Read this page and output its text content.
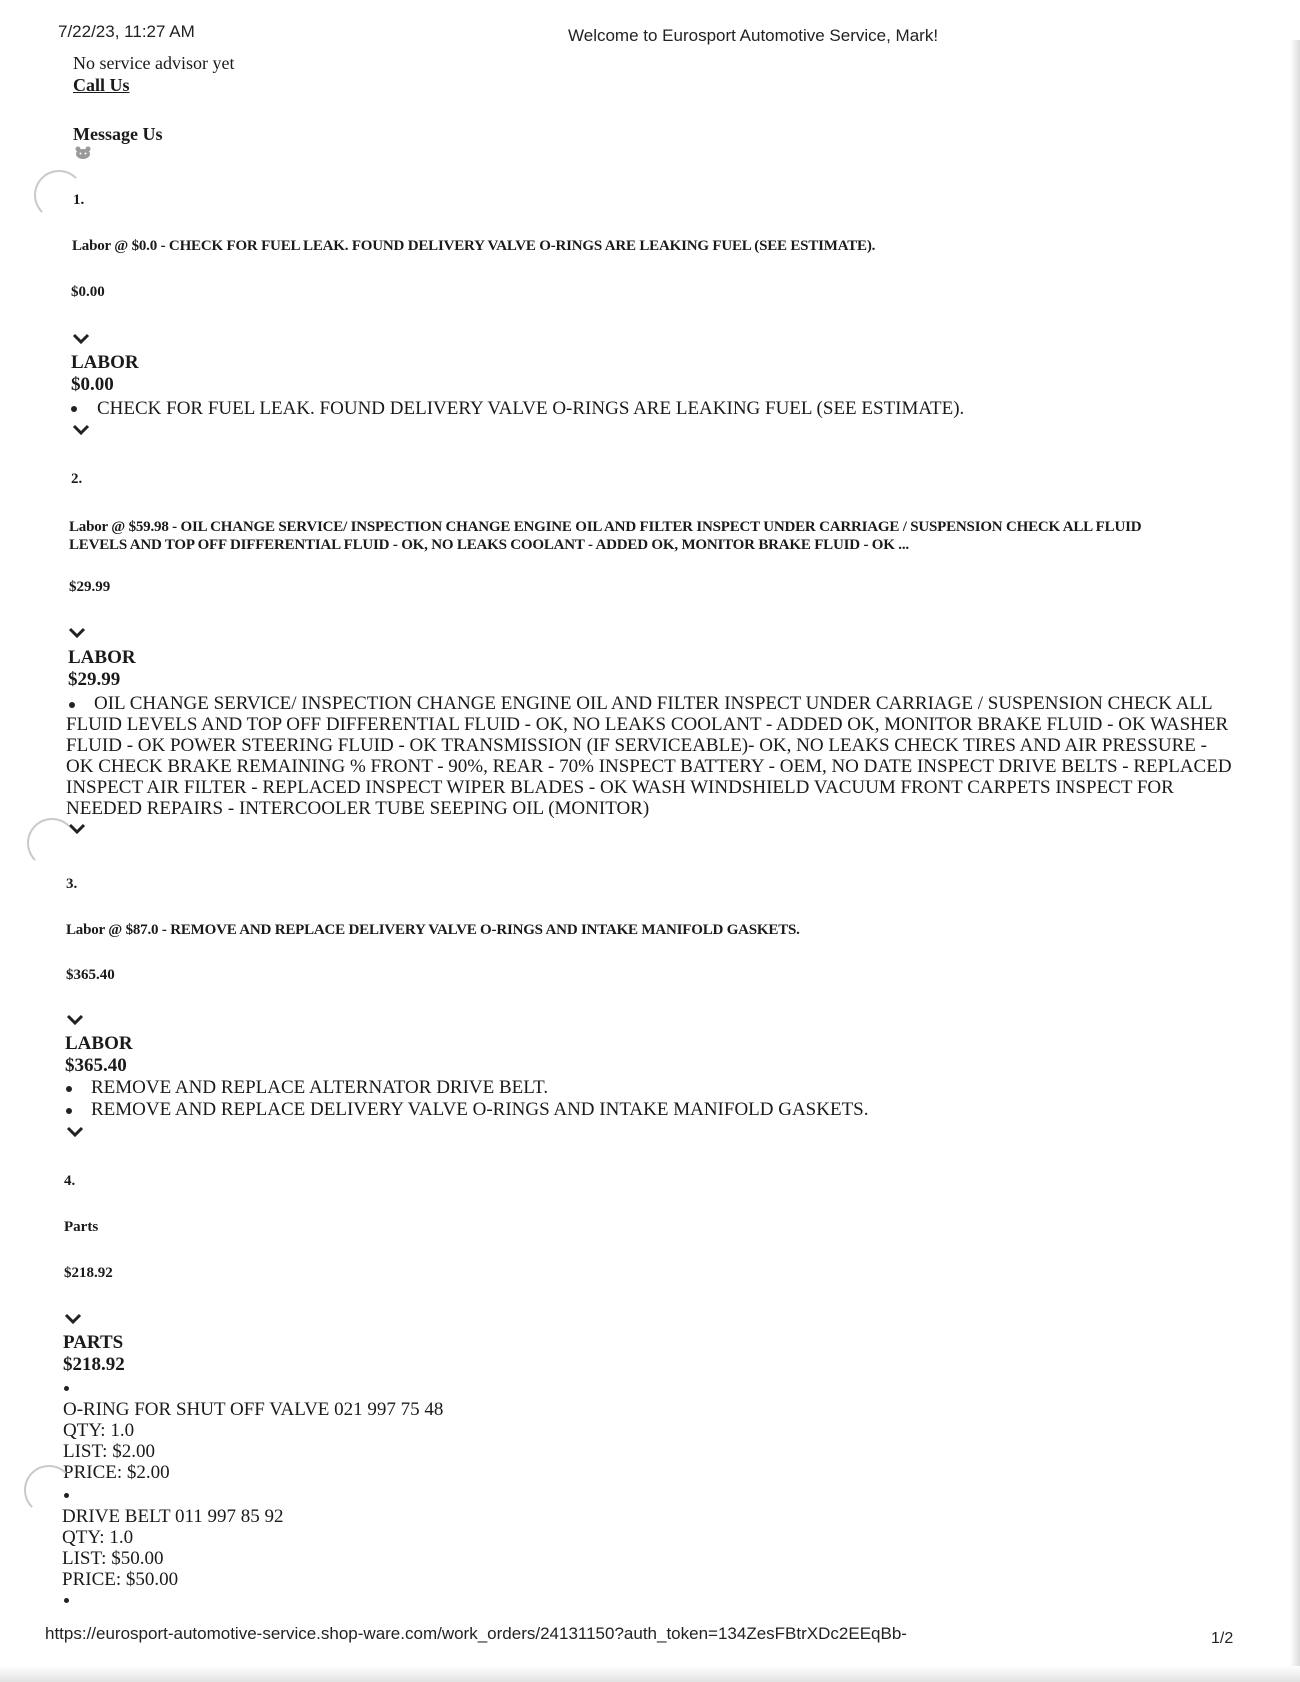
7/22/23, 11:27 AM	Welcome to Eurosport Automotive Service, Mark!
No service advisor yet
Call Us
Message Us
1.
Labor @ $0.0 - CHECK FOR FUEL LEAK. FOUND DELIVERY VALVE O-RINGS ARE LEAKING FUEL (SEE ESTIMATE).
$0.00
LABOR
$0.00
CHECK FOR FUEL LEAK. FOUND DELIVERY VALVE O-RINGS ARE LEAKING FUEL (SEE ESTIMATE).
2.
Labor @ $59.98 - OIL CHANGE SERVICE/ INSPECTION CHANGE ENGINE OIL AND FILTER INSPECT UNDER CARRIAGE / SUSPENSION CHECK ALL FLUID LEVELS AND TOP OFF DIFFERENTIAL FLUID - OK, NO LEAKS COOLANT - ADDED OK, MONITOR BRAKE FLUID - OK ...
$29.99
LABOR
$29.99
OIL CHANGE SERVICE/ INSPECTION CHANGE ENGINE OIL AND FILTER INSPECT UNDER CARRIAGE / SUSPENSION CHECK ALL FLUID LEVELS AND TOP OFF DIFFERENTIAL FLUID - OK, NO LEAKS COOLANT - ADDED OK, MONITOR BRAKE FLUID - OK WASHER FLUID - OK POWER STEERING FLUID - OK TRANSMISSION (IF SERVICEABLE)- OK, NO LEAKS CHECK TIRES AND AIR PRESSURE - OK CHECK BRAKE REMAINING % FRONT - 90%, REAR - 70% INSPECT BATTERY - OEM, NO DATE INSPECT DRIVE BELTS - REPLACED INSPECT AIR FILTER - REPLACED INSPECT WIPER BLADES - OK WASH WINDSHIELD VACUUM FRONT CARPETS INSPECT FOR NEEDED REPAIRS - INTERCOOLER TUBE SEEPING OIL (MONITOR)
3.
Labor @ $87.0 - REMOVE AND REPLACE DELIVERY VALVE O-RINGS AND INTAKE MANIFOLD GASKETS.
$365.40
LABOR
$365.40
REMOVE AND REPLACE ALTERNATOR DRIVE BELT.
REMOVE AND REPLACE DELIVERY VALVE O-RINGS AND INTAKE MANIFOLD GASKETS.
4.
Parts
$218.92
PARTS
$218.92
O-RING FOR SHUT OFF VALVE 021 997 75 48
QTY: 1.0
LIST: $2.00
PRICE: $2.00
DRIVE BELT 011 997 85 92
QTY: 1.0
LIST: $50.00
PRICE: $50.00
https://eurosport-automotive-service.shop-ware.com/work_orders/24131150?auth_token=134ZesFBtrXDc2EEqBb-	1/2
